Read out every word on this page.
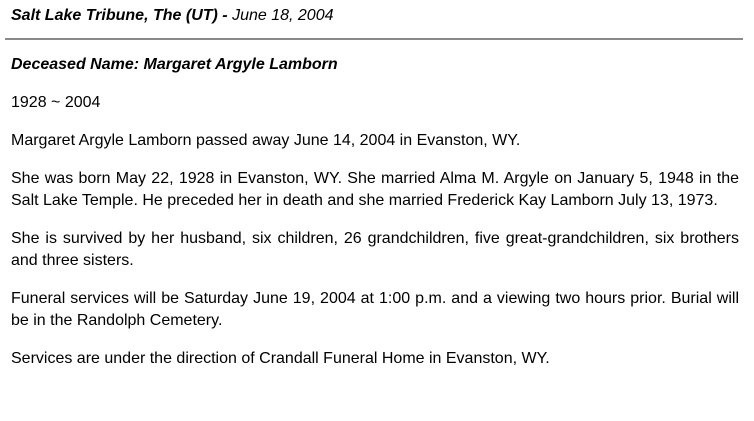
Salt Lake Tribune, The (UT) - June 18, 2004
Deceased Name: Margaret Argyle Lamborn
1928 ~ 2004
Margaret Argyle Lamborn passed away June 14, 2004 in Evanston, WY.
She was born May 22, 1928 in Evanston, WY. She married Alma M. Argyle on January 5, 1948 in the Salt Lake Temple. He preceded her in death and she married Frederick Kay Lamborn July 13, 1973.
She is survived by her husband, six children, 26 grandchildren, five great-grandchildren, six brothers and three sisters.
Funeral services will be Saturday June 19, 2004 at 1:00 p.m. and a viewing two hours prior. Burial will be in the Randolph Cemetery.
Services are under the direction of Crandall Funeral Home in Evanston, WY.
